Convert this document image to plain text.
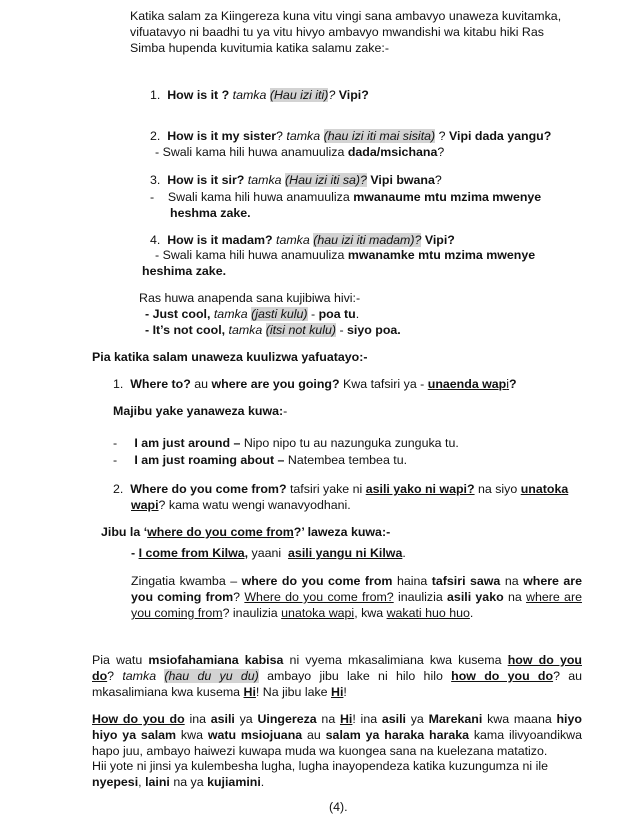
Katika salam za Kiingereza kuna vitu vingi sana ambavyo unaweza kuvitamka,
vifuatavyo ni baadhi tu ya vitu hivyo ambavyo mwandishi wa kitabu hiki Ras
Simba hupenda kuvitumia katika salamu zake:-
1. How is it ? tamka (Hau izi iti)? Vipi?
2. How is it my sister? tamka (hau izi iti mai sisita) ? Vipi dada yangu?
- Swali kama hili huwa anamuuliza dada/msichana?
3. How is it sir? tamka (Hau izi iti sa)? Vipi bwana?
- Swali kama hili huwa anamuuliza mwanaume mtu mzima mwenye
heshma zake.
4. How is it madam? tamka (hau izi iti madam)? Vipi?
- Swali kama hili huwa anamuuliza mwanamke mtu mzima mwenye
heshima zake.
Ras huwa anapenda sana kujibiwa hivi:-
- Just cool, tamka (jasti kulu) - poa tu.
- It’s not cool, tamka (itsi not kulu) - siyo poa.
Pia katika salam unaweza kuulizwa yafuatayo:-
1. Where to? au where are you going? Kwa tafsiri ya - unaenda wapi?
Majibu yake yanaweza kuwa:-
- I am just around – Nipo nipo tu au nazunguka zunguka tu.
- I am just roaming about – Natembea tembea tu.
2. Where do you come from? tafsiri yake ni asili yako ni wapi? na siyo unatoka
wapi? kama watu wengi wanavyodhani.
Jibu la ‘where do you come from?’ laweza kuwa:-
- I come from Kilwa, yaani asili yangu ni Kilwa.
Zingatia kwamba – where do you come from haina tafsiri sawa na where are
you coming from? Where do you come from? inaulizia asili yako na where are
you coming from? inaulizia unatoka wapi, kwa wakati huo huo.
Pia watu msiofahamiana kabisa ni vyema mkasalimiana kwa kusema how do you
do? tamka (hau du yu du) ambayo jibu lake ni hilo hilo how do you do? au
mkasalimiana kwa kusema Hi! Na jibu lake Hi!
How do you do ina asili ya Uingereza na Hi! ina asili ya Marekani kwa maana hiyo
hiyo ya salam kwa watu msiojuana au salam ya haraka haraka kama ilivyoandikwa
hapo juu, ambayo haiwezi kuwapa muda wa kuongea sana na kuelezana matatizo.
Hii yote ni jinsi ya kulembesha lugha, lugha inayopendeza katika kuzungumza ni ile
nyepesi, laini na ya kujiamini.
(4).
